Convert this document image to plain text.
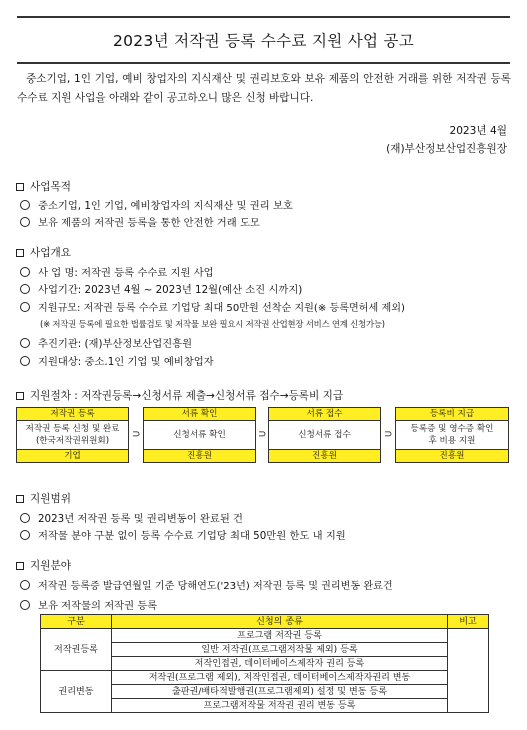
2023년 저작권 등록 수수료 지원 사업 공고

중소기업, 1인 기업, 예비 창업자의 지식재산 및 권리보호와 보유 제품의 안전한 거래를 위한 저작권 등록 수수료 지원 사업을 아래와 같이 공고하오니 많은 신청 바랍니다.

2023년 4월
(재)부산정보산업진흥원장
사업목적
중소기업, 1인 기업, 예비창업자의 지식재산 및 권리 보호
보유 제품의 저작권 등록을 통한 안전한 거래 도모
사업개요
사 업 명: 저작권 등록 수수료 지원 사업
사업기간: 2023년 4월 ~ 2023년 12월(예산 소진 시까지)
지원규모: 저작권 등록 수수료 기업당 최대 50만원 선착순 지원(※ 등록면허세 제외)
(※ 저작권 등록에 필요한 법률검토 및 저작물 보완 필요시 저작권 산업현장 서비스 연계 신청가능)
추진기관: (재)부산정보산업진흥원
지원대상: 중소.1인 기업 및 예비창업자
지원절차 : 저작권등록→신청서류 제출→신청서류 접수→등록비 지급
저작권 등록
저작권 등록 신청 및 완료
(한국저작권위원회)
기업
⊃
서류 확인
신청서류 확인
진흥원
⊃
서류 접수
신청서류 접수
진흥원
⊃
등록비 지급
등록증 및 영수증 확인
후 비용 지원
진흥원
지원범위
2023년 저작권 등록 및 권리변동이 완료된 건
저작물 분야 구분 없이 등록 수수료 기업당 최대 50만원 한도 내 지원
지원분야
저작권 등록증 발급연월일 기준 당해연도('23년) 저작권 등록 및 권리변동 완료건
보유 저작물의 저작권 등록
구분	신청의 종류	비고
저작권등록	프로그램 저작권 등록	
	일반 저작권(프로그램저작물 제외) 등록	
	저작인접권, 데이터베이스제작자 권리 등록	
권리변동	저작권(프로그램 제외), 저작인접권, 데이터베이스제작자권리 변동	
	출판권/배타적발행권(프로그램제외) 설정 및 변동 등록	
	프로그램저작물 저작권 권리 변동 등록	
